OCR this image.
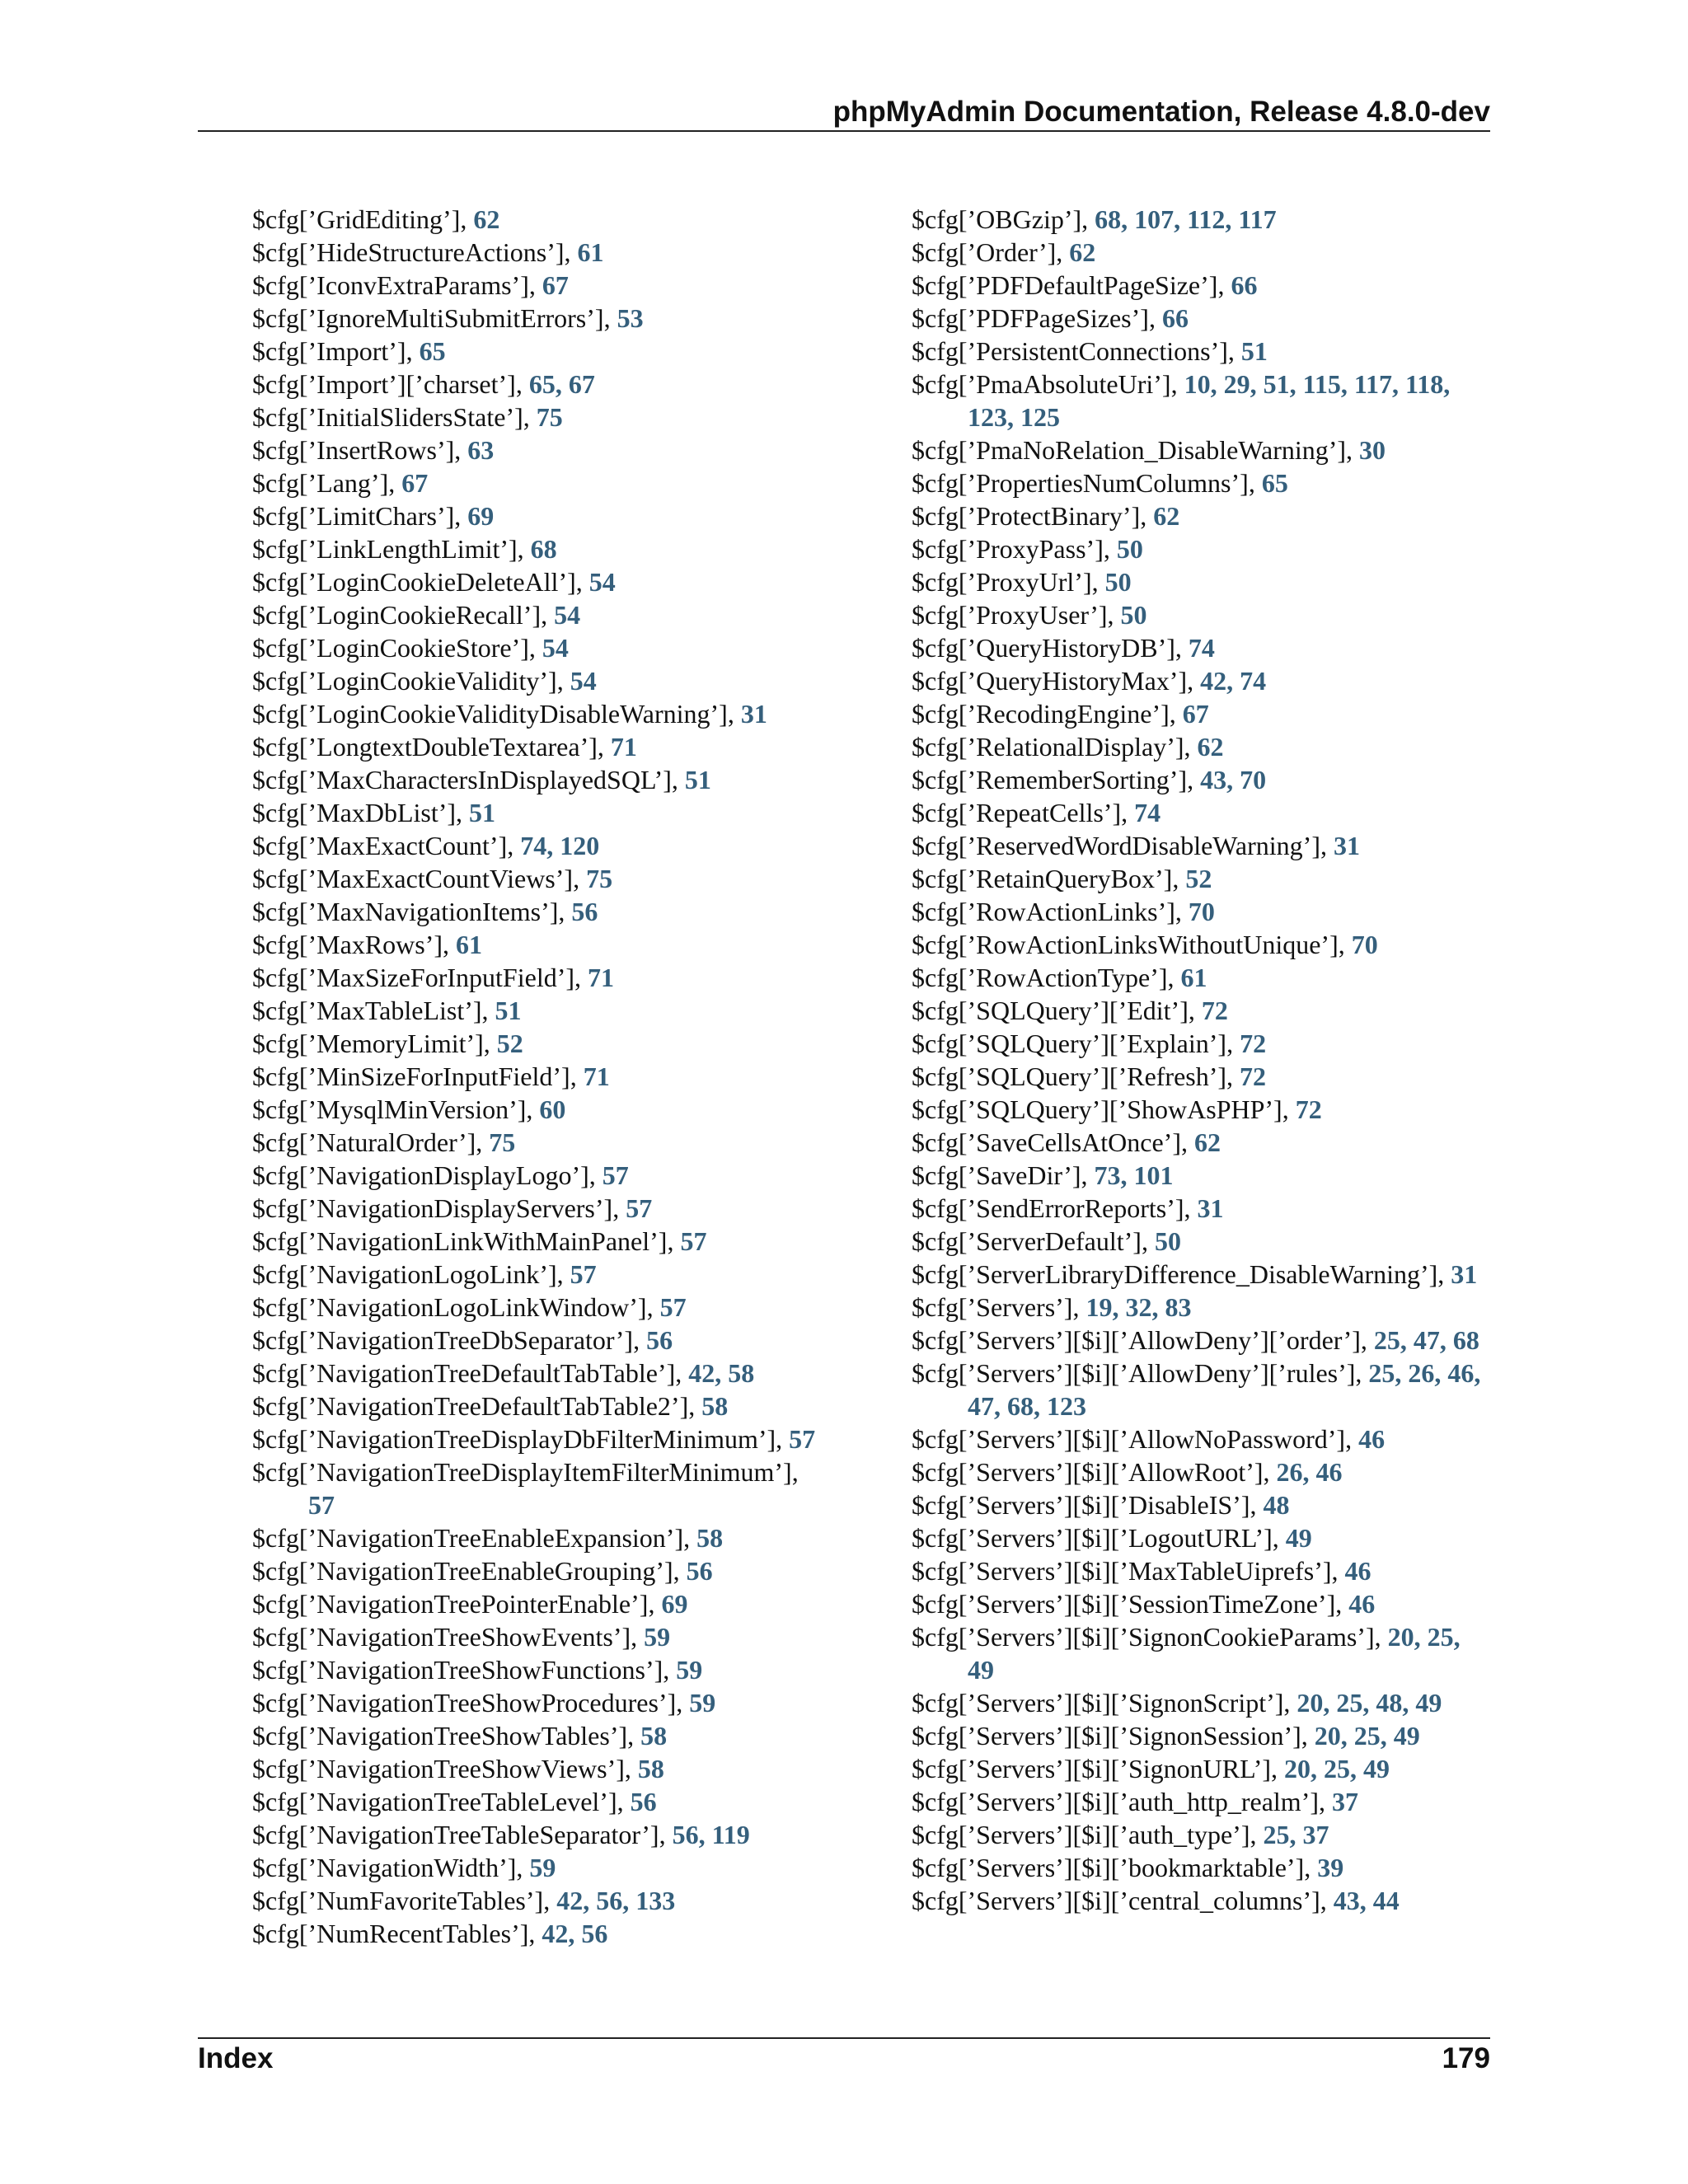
phpMyAdmin Documentation, Release 4.8.0-dev
$cfg[’GridEditing’], 62
$cfg[’HideStructureActions’], 61
$cfg[’IconvExtraParams’], 67
$cfg[’IgnoreMultiSubmitErrors’], 53
$cfg[’Import’], 65
$cfg[’Import’][’charset’], 65, 67
$cfg[’InitialSlidersState’], 75
$cfg[’InsertRows’], 63
$cfg[’Lang’], 67
$cfg[’LimitChars’], 69
$cfg[’LinkLengthLimit’], 68
$cfg[’LoginCookieDeleteAll’], 54
$cfg[’LoginCookieRecall’], 54
$cfg[’LoginCookieStore’], 54
$cfg[’LoginCookieValidity’], 54
$cfg[’LoginCookieValidityDisableWarning’], 31
$cfg[’LongtextDoubleTextarea’], 71
$cfg[’MaxCharactersInDisplayedSQL’], 51
$cfg[’MaxDbList’], 51
$cfg[’MaxExactCount’], 74, 120
$cfg[’MaxExactCountViews’], 75
$cfg[’MaxNavigationItems’], 56
$cfg[’MaxRows’], 61
$cfg[’MaxSizeForInputField’], 71
$cfg[’MaxTableList’], 51
$cfg[’MemoryLimit’], 52
$cfg[’MinSizeForInputField’], 71
$cfg[’MysqlMinVersion’], 60
$cfg[’NaturalOrder’], 75
$cfg[’NavigationDisplayLogo’], 57
$cfg[’NavigationDisplayServers’], 57
$cfg[’NavigationLinkWithMainPanel’], 57
$cfg[’NavigationLogoLink’], 57
$cfg[’NavigationLogoLinkWindow’], 57
$cfg[’NavigationTreeDbSeparator’], 56
$cfg[’NavigationTreeDefaultTabTable’], 42, 58
$cfg[’NavigationTreeDefaultTabTable2’], 58
$cfg[’NavigationTreeDisplayDbFilterMinimum’], 57
$cfg[’NavigationTreeDisplayItemFilterMinimum’], 57
$cfg[’NavigationTreeEnableExpansion’], 58
$cfg[’NavigationTreeEnableGrouping’], 56
$cfg[’NavigationTreePointerEnable’], 69
$cfg[’NavigationTreeShowEvents’], 59
$cfg[’NavigationTreeShowFunctions’], 59
$cfg[’NavigationTreeShowProcedures’], 59
$cfg[’NavigationTreeShowTables’], 58
$cfg[’NavigationTreeShowViews’], 58
$cfg[’NavigationTreeTableLevel’], 56
$cfg[’NavigationTreeTableSeparator’], 56, 119
$cfg[’NavigationWidth’], 59
$cfg[’NumFavoriteTables’], 42, 56, 133
$cfg[’NumRecentTables’], 42, 56
$cfg[’OBGzip’], 68, 107, 112, 117
$cfg[’Order’], 62
$cfg[’PDFDefaultPageSize’], 66
$cfg[’PDFPageSizes’], 66
$cfg[’PersistentConnections’], 51
$cfg[’PmaAbsoluteUri’], 10, 29, 51, 115, 117, 118, 123, 125
$cfg[’PmaNoRelation_DisableWarning’], 30
$cfg[’PropertiesNumColumns’], 65
$cfg[’ProtectBinary’], 62
$cfg[’ProxyPass’], 50
$cfg[’ProxyUrl’], 50
$cfg[’ProxyUser’], 50
$cfg[’QueryHistoryDB’], 74
$cfg[’QueryHistoryMax’], 42, 74
$cfg[’RecodingEngine’], 67
$cfg[’RelationalDisplay’], 62
$cfg[’RememberSorting’], 43, 70
$cfg[’RepeatCells’], 74
$cfg[’ReservedWordDisableWarning’], 31
$cfg[’RetainQueryBox’], 52
$cfg[’RowActionLinks’], 70
$cfg[’RowActionLinksWithoutUnique’], 70
$cfg[’RowActionType’], 61
$cfg[’SQLQuery’][’Edit’], 72
$cfg[’SQLQuery’][’Explain’], 72
$cfg[’SQLQuery’][’Refresh’], 72
$cfg[’SQLQuery’][’ShowAsPHP’], 72
$cfg[’SaveCellsAtOnce’], 62
$cfg[’SaveDir’], 73, 101
$cfg[’SendErrorReports’], 31
$cfg[’ServerDefault’], 50
$cfg[’ServerLibraryDifference_DisableWarning’], 31
$cfg[’Servers’], 19, 32, 83
$cfg[’Servers’][$i][’AllowDeny’][’order’], 25, 47, 68
$cfg[’Servers’][$i][’AllowDeny’][’rules’], 25, 26, 46, 47, 68, 123
$cfg[’Servers’][$i][’AllowNoPassword’], 46
$cfg[’Servers’][$i][’AllowRoot’], 26, 46
$cfg[’Servers’][$i][’DisableIS’], 48
$cfg[’Servers’][$i][’LogoutURL’], 49
$cfg[’Servers’][$i][’MaxTableUiprefs’], 46
$cfg[’Servers’][$i][’SessionTimeZone’], 46
$cfg[’Servers’][$i][’SignonCookieParams’], 20, 25, 49
$cfg[’Servers’][$i][’SignonScript’], 20, 25, 48, 49
$cfg[’Servers’][$i][’SignonSession’], 20, 25, 49
$cfg[’Servers’][$i][’SignonURL’], 20, 25, 49
$cfg[’Servers’][$i][’auth_http_realm’], 37
$cfg[’Servers’][$i][’auth_type’], 25, 37
$cfg[’Servers’][$i][’bookmarktable’], 39
$cfg[’Servers’][$i][’central_columns’], 43, 44
Index	179
